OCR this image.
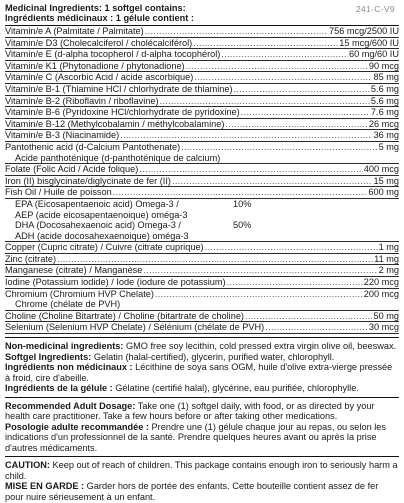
Medicinal Ingredients: 1 softgel contains:
Ingrédients médicinaux : 1 gélule contient :
241-C-V9
Vitamin/e A (Palmitate / Palmitate) .....	756 mcg/2500 IU
Vitamin/e D3 (Cholecalciferol / cholécalciférol) .....	15 mcg/600 IU
Vitamin/e E (d-alpha tocopherol / d-alpha tocophérol) .....	60 mg/60 IU
Vitamin/e K1 (Phytonadione / phytonadione) .....	90 mcg
Vitamin/e C (Ascorbic Acid / acide ascorbique) .....	85 mg
Vitamin/e B-1 (Thiamine HCl / chlorhydrate de thiamine) .....	5.6 mg
Vitamin/e B-2 (Riboflavin / riboflavine) .....	5.6 mg
Vitamin/e B-6 (Pyridoxine HCl/chlorhydrate de pyridoxine) .....	7.6 mg
Vitamin/e B-12 (Methylcobalamin / méthylcobalamine) .....	26 mcg
Vitamin/e B-3 (Niacinamide) .....	36 mg
Pantothenic acid (d-Calcium Pantothenate) .....	5 mg
Acide panthoténique (d-panthoténique de calcium)
Folate (Folic Acid / Acide folique) .....	400 mcg
Iron (II) bisglycinate/diglycinate de fer (II) .....	15 mg
Fish Oil / Huile de poisson .....	600 mg
EPA (Eicosapentaenoic acid) Omega-3 /	10%
AEP (acide eicosapentaenoique) oméga-3
DHA (Docosahexaenoic acid) Omega-3 /	50%
ADH (acide docosahexaenoique) oméga-3
Copper (Cupric citrate) / Cuivre (citrate cuprique) .....	1 mg
Zinc (citrate) .....	11 mg
Manganese (citrate) / Manganèse .....	2 mg
Iodine (Potassium iodide) / Iode (iodure de potassium) .....	220 mcg
Chromium (Chromium HVP Chelate) .....	200 mcg
Chrome (chélate de PVH)
Choline (Choline Bitartrate) / Choline (bitartrate de choline) .....	50 mg
Selenium (Selenium HVP Chelate) / Sélénium (chélate de PVH) .....	30 mcg

Non-medicinal ingredients: GMO free soy lecithin, cold pressed extra virgin olive oil, beeswax.

Softgel Ingredients: Gelatin (halal-certified), glycerin, purified water, chlorophyll.

Ingrédients non médicinaux : Lécithine de soya sans OGM, huile d'olive extra-vierge pressée à froid, cire d'abeille.

Ingrédients de la gélule : Gélatine (certifié halal), glycérine, eau purifiée, chlorophylle.

Recommended Adult Dosage: Take one (1) softgel daily, with food, or as directed by your health care practitioner. Take a few hours before or after taking other medications.

Posologie adulte recommandée : Prendre une (1) gélule chaque jour au repas, ou selon les indications d'un professionnel de la santé. Prendre quelques heures avant ou après la prise d'autres médicaments.

CAUTION: Keep out of reach of children. This package contains enough iron to seriously harm a child.

MISE EN GARDE : Garder hors de portée des enfants. Cette bouteille contient assez de fer pour nuire sérieusement à un enfant.
